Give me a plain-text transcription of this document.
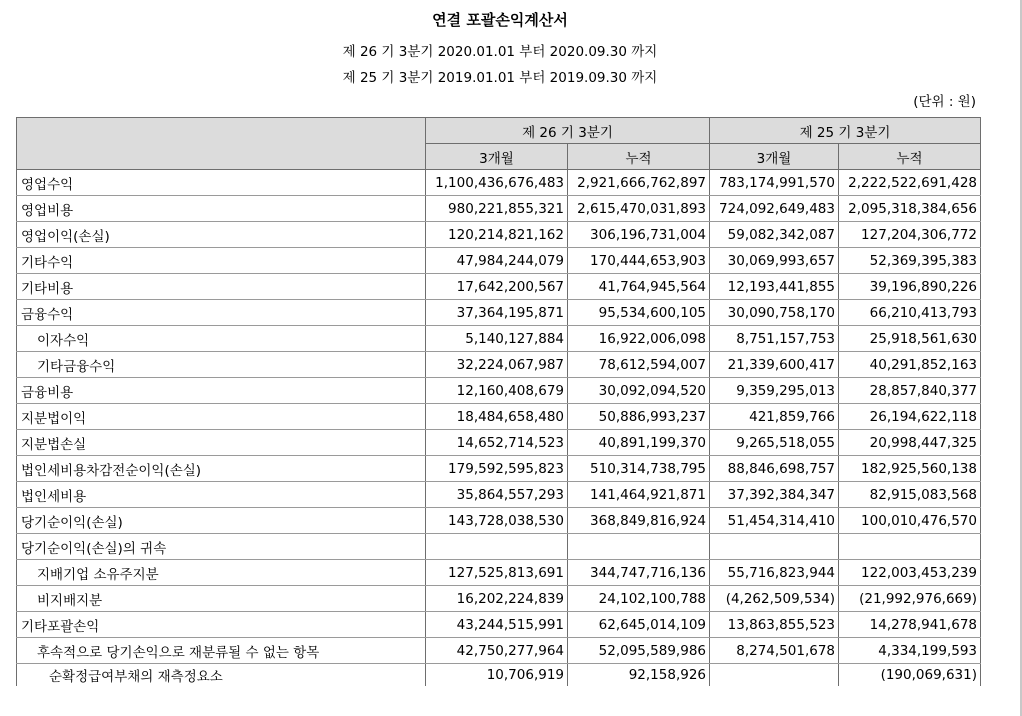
연결 포괄손익계산서
제 26 기 3분기 2020.01.01 부터 2020.09.30 까지
제 25 기 3분기 2019.01.01 부터 2019.09.30 까지
(단위 : 원)
	제 26 기 3분기		제 25 기 3분기	
	3개월	누적	3개월	누적
영업수익	1,100,436,676,483	2,921,666,762,897	783,174,991,570	2,222,522,691,428
영업비용	980,221,855,321	2,615,470,031,893	724,092,649,483	2,095,318,384,656
영업이익(손실)	120,214,821,162	306,196,731,004	59,082,342,087	127,204,306,772
기타수익	47,984,244,079	170,444,653,903	30,069,993,657	52,369,395,383
기타비용	17,642,200,567	41,764,945,564	12,193,441,855	39,196,890,226
금융수익	37,364,195,871	95,534,600,105	30,090,758,170	66,210,413,793
이자수익	5,140,127,884	16,922,006,098	8,751,157,753	25,918,561,630
기타금융수익	32,224,067,987	78,612,594,007	21,339,600,417	40,291,852,163
금융비용	12,160,408,679	30,092,094,520	9,359,295,013	28,857,840,377
지분법이익	18,484,658,480	50,886,993,237	421,859,766	26,194,622,118
지분법손실	14,652,714,523	40,891,199,370	9,265,518,055	20,998,447,325
법인세비용차감전순이익(손실)	179,592,595,823	510,314,738,795	88,846,698,757	182,925,560,138
법인세비용	35,864,557,293	141,464,921,871	37,392,384,347	82,915,083,568
당기순이익(손실)	143,728,038,530	368,849,816,924	51,454,314,410	100,010,476,570
당기순이익(손실)의 귀속				
지배기업 소유주지분	127,525,813,691	344,747,716,136	55,716,823,944	122,003,453,239
비지배지분	16,202,224,839	24,102,100,788	(4,262,509,534)	(21,992,976,669)
기타포괄손익	43,244,515,991	62,645,014,109	13,863,855,523	14,278,941,678
후속적으로 당기손익으로 재분류될 수 없는 항목	42,750,277,964	52,095,589,986	8,274,501,678	4,334,199,593
순확정급여부채의 재측정요소	10,706,919	92,158,926		(190,069,631)
